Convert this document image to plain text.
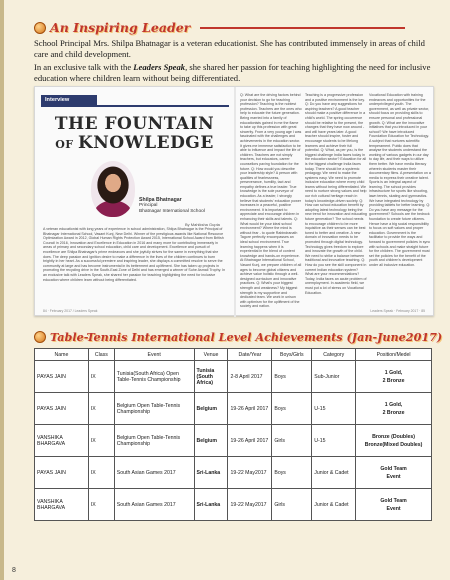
An Inspiring Leader

School Principal Mrs. Shilpa Bhatnagar is a veteran educationist. She has contributed immensely in areas of child care and child development.

In an exclusive talk with the Leaders Speak, she shared her passion for teaching highlighting the need for inclusive education where children learn without being differentiated.

Interview
THE FOUNTAIN
OF KNOWLEDGE
Shilpa Bhatnagar
Principal
Bhatnagar International School
By Mahiksha Gupta
A veteran educationist with long years of experience in school administration, Shilpa Bhatnagar is the Principal of Bhatnagar International School, Vasant Kunj, New Delhi. Winner of the prestigious awards like National Resource Optimization Award in 2012, Global Human Rights Protection Award 2015, International School Award from British Council in 2016, Innovation and Excellence in Education in 2016 and many more for contributing immensely in areas of primary and secondary school education, child care and development. Excellence and pursuit of excellence are Shilpa Bhatnagar's prime endeavors and she joyfully strives for the same in everything that she does. The deep passion and ignition desire to make a difference in the lives of the children continues to burn brightly in her heart. As a successful premiere and inspiring leader, she displays a committed resolve to serve the community at large and has become instrumental in its betterment and upliftment. She has taken up projects in promoting the recycling drive in the South-East Zone of Delhi and has emerged a winner of Suhe Asmali Trophy. In an exclusive talk with Leaders Speak, she shared her passion for teaching highlighting the need for inclusive education where children learn without being differentiated.
Q: What are the driving factors behind your decision to go for teaching profession? Teaching is the noblest profession. Teachers are the ones who help to educate the future generation. Being married into a family of educationists gained in me the flame to take up this profession with great sincerity. From a very young age I was fascinated with the challenges and achievements in the education sector. It gives me immense satisfaction to be able to influence and impact the life of children. Teachers are not simply teachers, but educators, career counsellors paving foundation for the future. Q: How would you describe your leadership style? A person with qualities of fearlessness, perseverance, humility, tact and empathy defines a true leader. True knowledge is the sole purveyor of education. As a leader, I strongly believe that students' education power increases in a peaceful, positive environment. It is important to appreciate and encourage children in enhancing their skills and talents. Q: What would be your ideal school environment? Where the mind is without fear - to quote Rabindranath Tagore perfectly encompasses an ideal school environment. True learning happens when it is experiential in the blend of content knowledge and hands-on experience. At Bhatnagar International School, Vasant Kunj, we prepare children of all ages to become global citizens and achieve value holistic through a well-designed curriculum and innovative practices. Q: What's your biggest strength and weakness? My biggest strength is my supportive and dedicated team. We work in unison with optimism for the upliftment of the society and nation.
Teaching is a progressive profession and a positive environment is the key. Q: Do you have any suggestions for aspiring teachers? A good teacher should make a positive difference in a child's world. The spring occurrence should be relative to the present, the changes that they have now around - and will have years later. A good teacher should inspire, foster and encourage students to be lifelong learners and achieve their full potential. Q: What, as per you, is the biggest challenge India faces today in the education sector? Education for all is the biggest challenge India faces today. There should be a systemic pedagogy. We need to make the systems easy. We need to promote inclusive education where every child learns without being differentiated. We need to nurture strong values and help our rich cultural heritage reach in today's knowledge-driven society. Q: How can school education benefit by adopting latest technology being the new trend for innovation and educating future generation? The school needs to encourage children to be more inquisitive as their senses can be best tuned to better and creative. A new domain of innovation needs to be promoted through digital technology. Technology gives freedom to explore and innovate the growth of the child. We need to strike a balance between traditional and innovative teaching. Q: How do you see the skill component in current Indian education system? What are your recommendations? Today, India faces an acute problem of unemployment. In academic field, we must put a lot of stress on Vocational Education.
Vocational Education with training endeavors and opportunities for the underprivileged youth. The government, as well as private sector, should focus on providing skills to ensure personal and professional growth. Q: What are the innovative initiatives that you introduced in your school? We have introduced Foundation Education for Technology. A subject that nurtures scientific temperament. Public does that analyse the students understand the working of various gadgets in our day to day life, and their ways to utilize them better. We have media literacy wherein students master their documentary films. A presentation on a media to express their creative talent. Sports is an integral aspect of learning. The school provides infrastructure for sports like shooting, lawn tennis, skating and gymnastics. We have integrated technology by providing tablets for better learning. Q: Do you have any message for the government? Schools are the bedrock foundation to create future citizens. Hence have a big social responsibility to focus on soft values and proper education. Government is the facilitator to provide the ways and forward to government policies in sync with schools and make straight future for the children. The government must set the policies for the benefit of the youth and children's development under all inclusive education.
84 · February 2017 / Leaders Speak	Leaders Speak · February 2017 · 85
Table-Tennis International Level Achievements (Jan-June2017)
Name	Class	Event	Venue	Date/Year	Boys/Girls	Category	Position/Medel
PAYAS JAIN	IX	Tunisia(South Africa) Open Table-Tennis Championship	Tunisia
(South Africa)	2-8 April 2017	Boys	Sub-Junior	1 Gold,
2 Bronze

PAYAS JAIN	IX	Belgium Open Table-Tennis Championship	Belgium	19-26 April 2017	Boys	U-15	1 Gold,
2 Bronze

VANSHIKA BHARGAVA	IX	Belgium Open Table-Tennis Championship	Belgium	19-26 April 2017	Girls	U-15	Bronze (Doubles)
Bronze(Mixed Doubles)

PAYAS JAIN	IX	South Asian Games 2017	Sri-Lanka	19-22 May2017	Boys	Junior & Cadet	Gold Team
Event

VANSHIKA BHARGAVA	IX	South Asian Games 2017	Sri-Lanka	19-22 May2017	Girls	Junior & Cadet	Gold Team
Event
8
